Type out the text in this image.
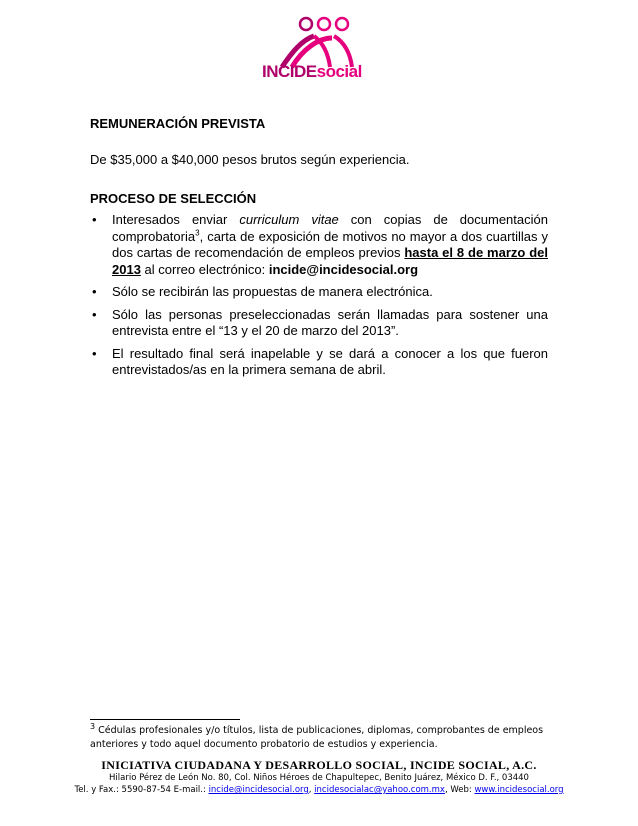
INCIDEsocial
REMUNERACIÓN PREVISTA
De $35,000 a $40,000 pesos brutos según experiencia.
PROCESO DE SELECCIÓN
• Interesados enviar curriculum vitae con copias de documentación comprobatoria$^3$, carta de exposición de motivos no mayor a dos cuartillas y dos cartas de recomendación de empleos previos hasta el 8 de marzo del 2013 al correo electrónico: incide@incidesocial.org
• Sólo se recibirán las propuestas de manera electrónica.
• Sólo las personas preseleccionadas serán llamadas para sostener una entrevista entre el “13 y el 20 de marzo del 2013”.
• El resultado final será inapelable y se dará a conocer a los que fueron entrevistados/as en la primera semana de abril.
$^3$ Cédulas profesionales y/o títulos, lista de publicaciones, diplomas, comprobantes de empleos anteriores y todo aquel documento probatorio de estudios y experiencia.
INICIATIVA CIUDADANA Y DESARROLLO SOCIAL, INCIDE SOCIAL, A.C.
Hilario Pérez de León No. 80, Col. Niños Héroes de Chapultepec, Benito Juárez, México D. F., 03440
Tel. y Fax.: 5590-87-54 E-mail.: incide@incidesocial.org, incidesocialac@yahoo.com.mx, Web: www.incidesocial.org
